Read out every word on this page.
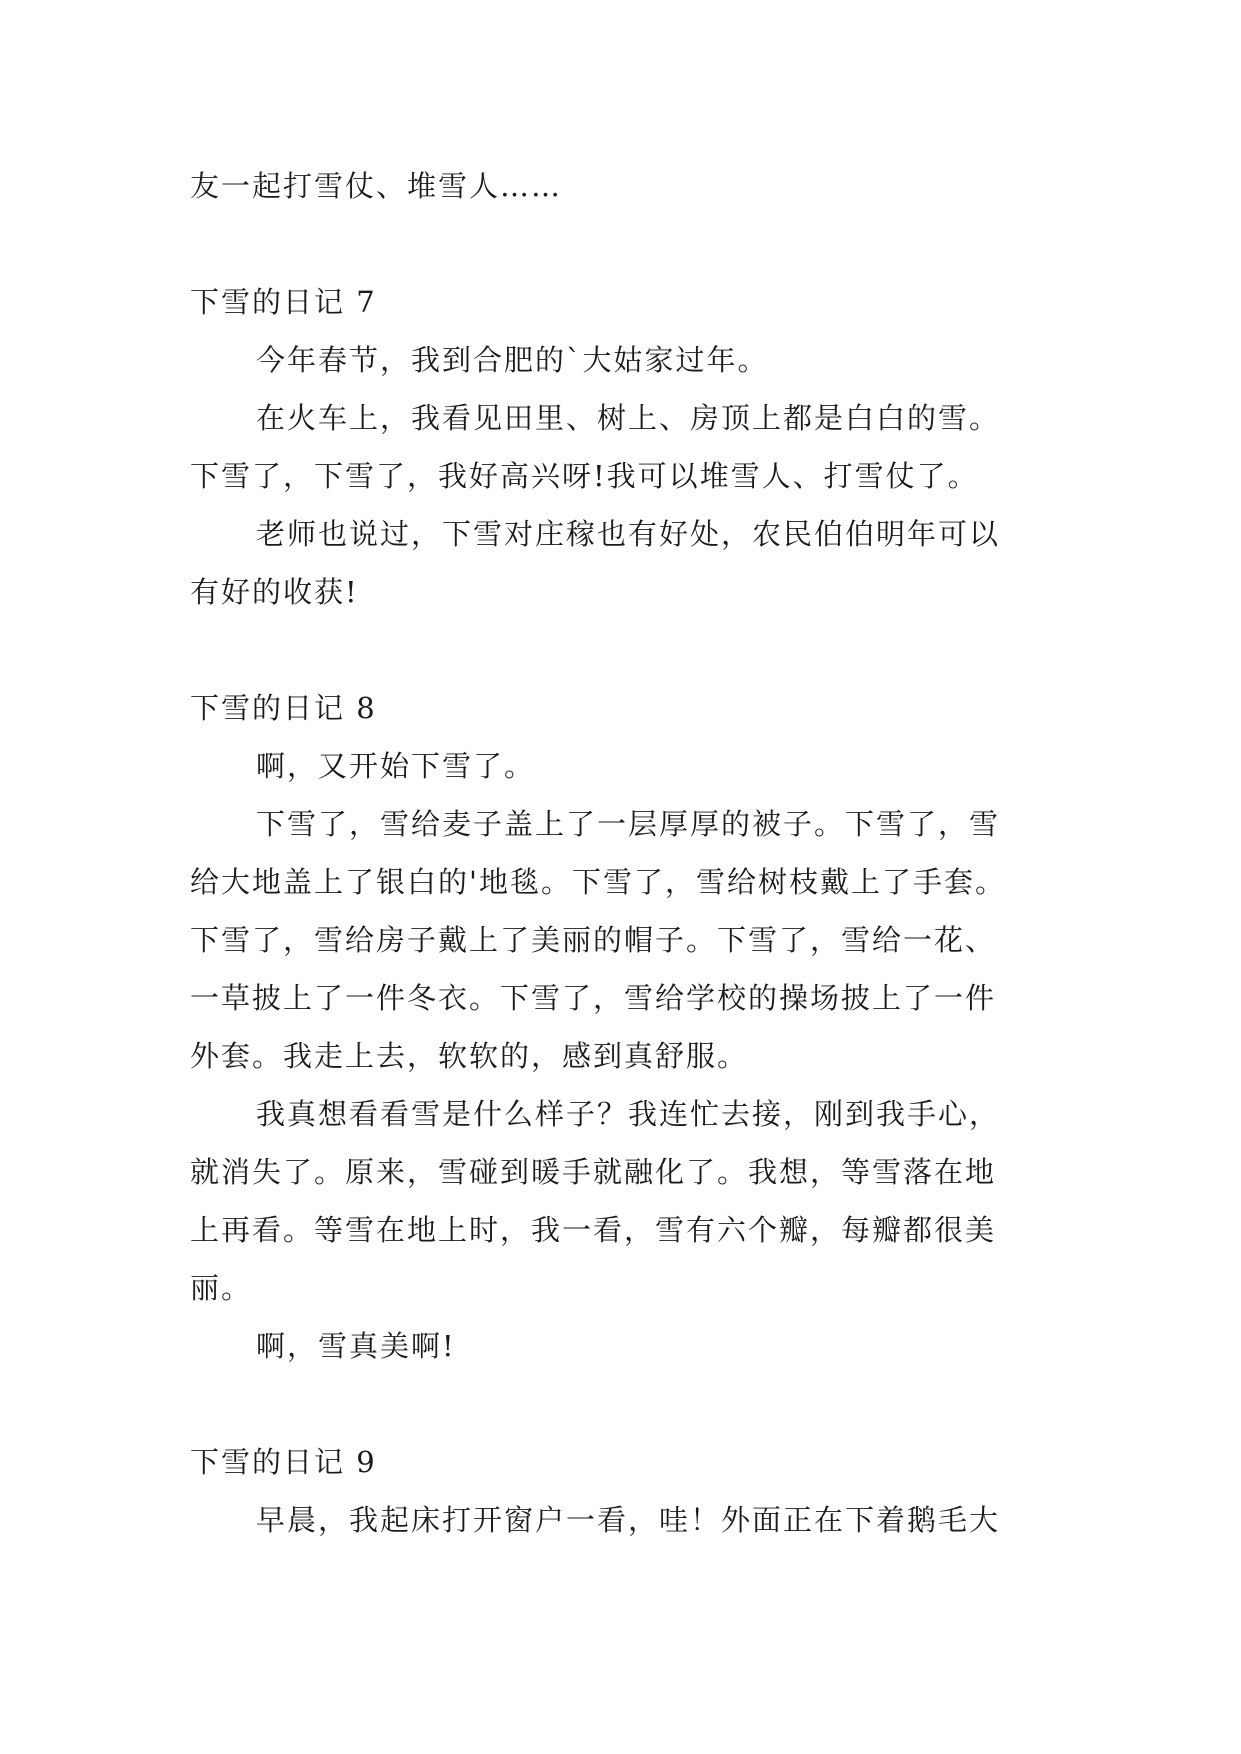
友一起打雪仗、堆雪人……
下雪的日记 7
今年春节，我到合肥的`大姑家过年。
在火车上，我看见田里、树上、房顶上都是白白的雪。
下雪了，下雪了，我好高兴呀!我可以堆雪人、打雪仗了。
老师也说过，下雪对庄稼也有好处，农民伯伯明年可以
有好的收获!
下雪的日记 8
啊，又开始下雪了。
下雪了，雪给麦子盖上了一层厚厚的被子。下雪了，雪
给大地盖上了银白的'地毯。下雪了，雪给树枝戴上了手套。
下雪了，雪给房子戴上了美丽的帽子。下雪了，雪给一花、
一草披上了一件冬衣。下雪了，雪给学校的操场披上了一件
外套。我走上去，软软的，感到真舒服。
我真想看看雪是什么样子？我连忙去接，刚到我手心，
就消失了。原来，雪碰到暖手就融化了。我想，等雪落在地
上再看。等雪在地上时，我一看，雪有六个瓣，每瓣都很美
丽。
啊，雪真美啊!
下雪的日记 9
早晨，我起床打开窗户一看，哇！外面正在下着鹅毛大
